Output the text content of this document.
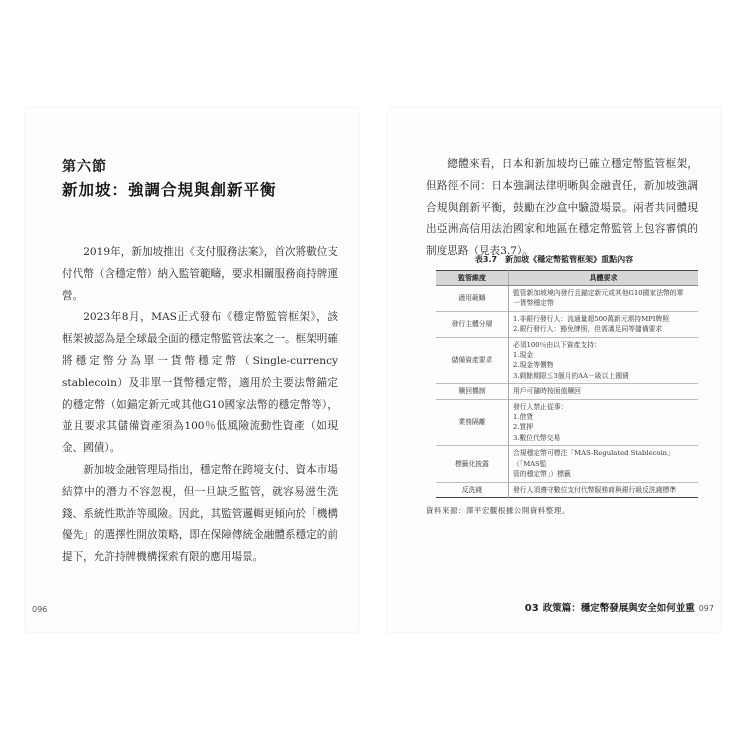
第六節
新加坡：強調合規與創新平衡

2019年，新加坡推出《支付服務法案》，首次將數位支付代幣（含穩定幣）納入監管範疇，要求相關服務商持牌運營。

2023年8月，MAS正式發布《穩定幣監管框架》，該框架被認為是全球最全面的穩定幣監管法案之一。框架明確將穩定幣分為單一貨幣穩定幣（Single-currency stablecoin）及非單一貨幣穩定幣，適用於主要法幣錨定的穩定幣（如錨定新元或其他G10國家法幣的穩定幣等），並且要求其儲備資產須為100％低風險流動性資產（如現金、國債）。

新加坡金融管理局指出，穩定幣在跨境支付、資本市場結算中的潛力不容忽視，但一旦缺乏監管，就容易滋生洗錢、系統性欺詐等風險。因此，其監管邏輯更傾向於「機構優先」的選擇性開放策略，即在保障傳統金融體系穩定的前提下，允許持牌機構探索有限的應用場景。

096

總體來看，日本和新加坡均已確立穩定幣監管框架，但路徑不同：日本強調法律明晰與金融責任，新加坡強調合規與創新平衡，鼓勵在沙盒中驗證場景。兩者共同體現出亞洲高信用法治國家和地區在穩定幣監管上包容審慎的制度思路（見表3.7）。

表3.7 新加坡《穩定幣監管框架》重點內容
監管維度	具體要求
適用範疇	監管新加坡境內發行且錨定新元或其他G10國家法幣的單
一貨幣穩定幣

發行主體分層	1.非銀行發行人：流通量超500萬新元需持MPI牌照
2.銀行發行人：豁免牌照，但需滿足同等儲備要求

儲備資產要求	必須100％由以下資產支持：
1.現金
2.現金等價物
3.剩餘期限≦3個月的AA－級以上國債

贖回機制	用戶可隨時按面值贖回

業務隔離	發行人禁止從事：
1.借貸
2.質押
3.數位代幣交易

標籤化披露	合規穩定幣可標注「MAS-Regulated Stablecoin」（「MAS監
管的穩定幣」）標籤

反洗錢	發行人須遵守數位支付代幣服務商與銀行級反洗錢標準
資料來源：澤平宏觀根據公開資料整理。
03 政策篇：穩定幣發展與安全如何並重 097
